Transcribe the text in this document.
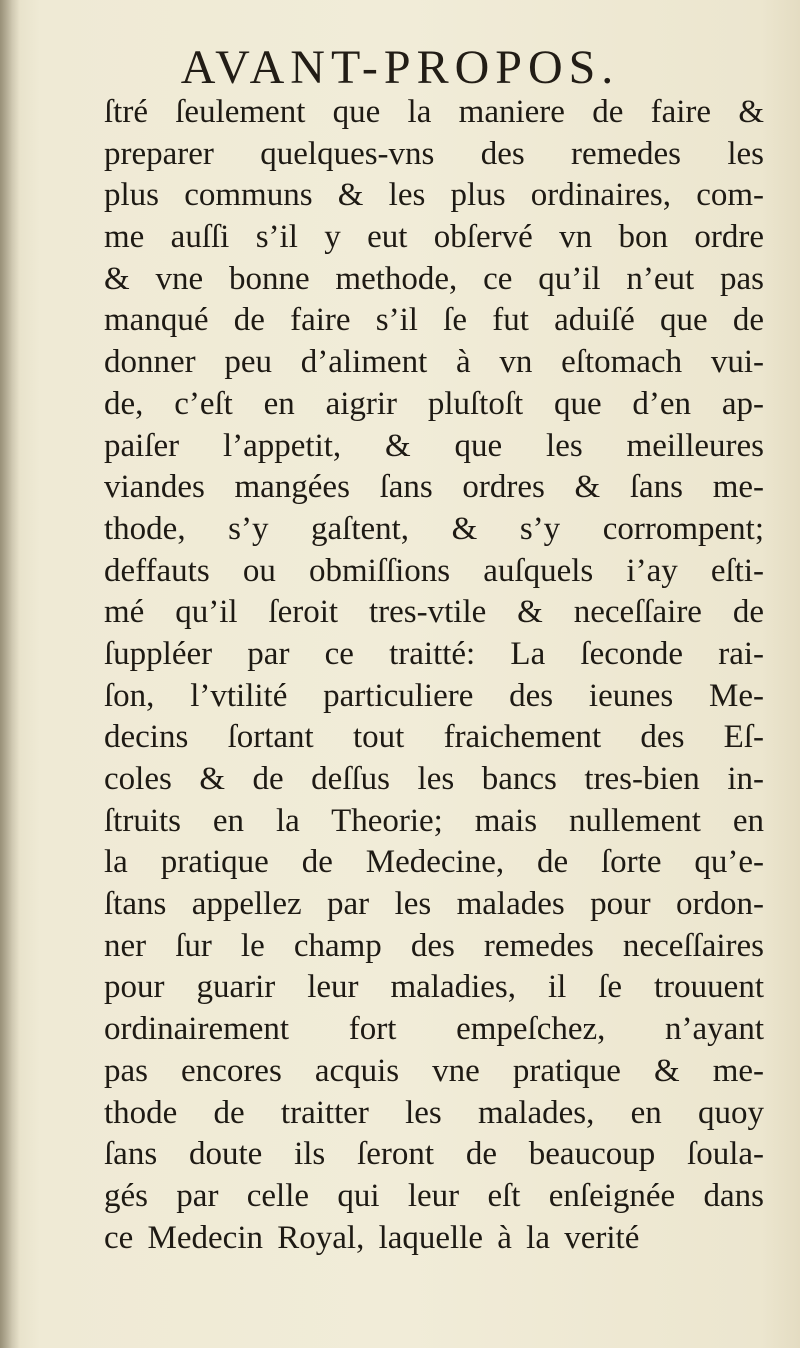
AVANT-PROPOS.
ſtré ſeulement que la maniere de faire &
preparer quelques-vns des remedes les
plus communs & les plus ordinaires, com-
me auſſi s’il y eut obſervé vn bon ordre
& vne bonne methode, ce qu’il n’eut pas
manqué de faire s’il ſe fut aduiſé que de
donner peu d’aliment à vn eſtomach vui-
de, c’eſt en aigrir pluſtoſt que d’en ap-
paiſer l’appetit, & que les meilleures
viandes mangées ſans ordres & ſans me-
thode, s’y gaſtent, & s’y corrompent;
deffauts ou obmiſſions auſquels i’ay eſti-
mé qu’il ſeroit tres-vtile & neceſſaire de
ſuppléer par ce traitté: La ſeconde rai-
ſon, l’vtilité particuliere des ieunes Me-
decins ſortant tout fraichement des Eſ-
coles & de deſſus les bancs tres-bien in-
ſtruits en la Theorie; mais nullement en
la pratique de Medecine, de ſorte qu’e-
ſtans appellez par les malades pour ordon-
ner ſur le champ des remedes neceſſaires
pour guarir leur maladies, il ſe trouuent
ordinairement fort empeſchez, n’ayant
pas encores acquis vne pratique & me-
thode de traitter les malades, en quoy
ſans doute ils ſeront de beaucoup ſoula-
gés par celle qui leur eſt enſeignée dans
ce Medecin Royal, laquelle à la verité
